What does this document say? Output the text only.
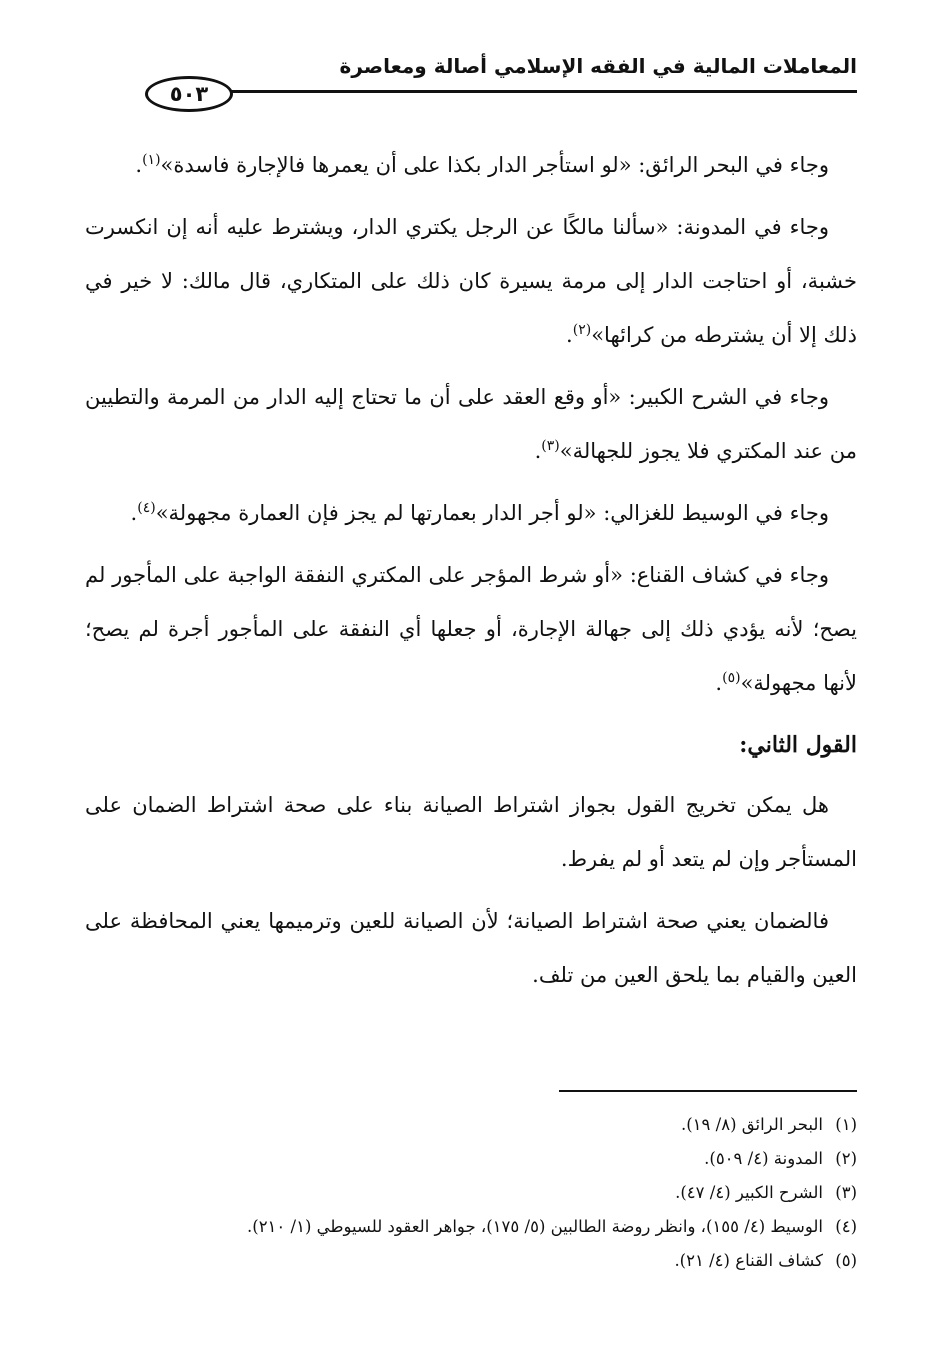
المعاملات المالية في الفقه الإسلامي أصالة ومعاصرة
٥٠٣

وجاء في البحر الرائق: «لو استأجر الدار بكذا على أن يعمرها فالإجارة فاسدة»$^{(١)}$.

وجاء في المدونة: «سألنا مالكًا عن الرجل يكتري الدار، ويشترط عليه أنه إن انكسرت خشبة، أو احتاجت الدار إلى مرمة يسيرة كان ذلك على المتكاري، قال مالك: لا خير في ذلك إلا أن يشترطه من كرائها»$^{(٢)}$.

وجاء في الشرح الكبير: «أو وقع العقد على أن ما تحتاج إليه الدار من المرمة والتطيين من عند المكتري فلا يجوز للجهالة»$^{(٣)}$.

وجاء في الوسيط للغزالي: «لو أجر الدار بعمارتها لم يجز فإن العمارة مجهولة»$^{(٤)}$.

وجاء في كشاف القناع: «أو شرط المؤجر على المكتري النفقة الواجبة على المأجور لم يصح؛ لأنه يؤدي ذلك إلى جهالة الإجارة، أو جعلها أي النفقة على المأجور أجرة لم يصح؛ لأنها مجهولة»$^{(٥)}$.

القول الثاني:

هل يمكن تخريج القول بجواز اشتراط الصيانة بناء على صحة اشتراط الضمان على المستأجر وإن لم يتعد أو لم يفرط.

فالضمان يعني صحة اشتراط الصيانة؛ لأن الصيانة للعين وترميمها يعني المحافظة على العين والقيام بما يلحق العين من تلف.

(١)البحر الرائق (٨/ ١٩).
(٢)المدونة (٤/ ٥٠٩).
(٣)الشرح الكبير (٤/ ٤٧).
(٤)الوسيط (٤/ ١٥٥)، وانظر روضة الطالبين (٥/ ١٧٥)، جواهر العقود للسيوطي (١/ ٢١٠).
(٥)كشاف القناع (٤/ ٢١).
